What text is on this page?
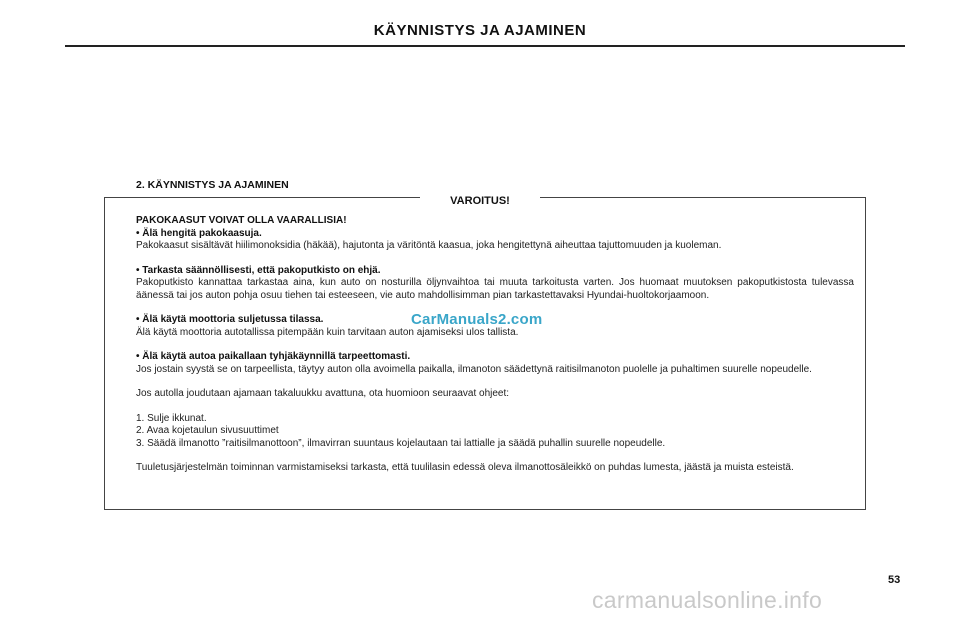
KÄYNNISTYS JA AJAMINEN
2. KÄYNNISTYS JA AJAMINEN
VAROITUS!

PAKOKAASUT VOIVAT OLLA VAARALLISIA!

• Älä hengitä pakokaasuja.

Pakokaasut sisältävät hiilimonoksidia (häkää), hajutonta ja väritöntä kaasua, joka hengitettynä aiheuttaa tajuttomuuden ja kuoleman.

• Tarkasta säännöllisesti, että pakoputkisto on ehjä.

Pakoputkisto kannattaa tarkastaa aina, kun auto on nosturilla öljynvaihtoa tai muuta tarkoitusta varten. Jos huomaat muutoksen pakoputkistosta tulevassa äänessä tai jos auton pohja osuu tiehen tai esteeseen, vie auto mahdollisimman pian tarkastettavaksi Hyundai-huoltokorjaamoon.

• Älä käytä moottoria suljetussa tilassa.

Älä käytä moottoria autotallissa pitempään kuin tarvitaan auton ajamiseksi ulos tallista.

• Älä käytä autoa paikallaan tyhjäkäynnillä tarpeettomasti.

Jos jostain syystä se on tarpeellista, täytyy auton olla avoimella paikalla, ilmanoton säädettynä raitisilmanoton puolelle ja puhaltimen suurelle nopeudelle.

Jos autolla joudutaan ajamaan takaluukku avattuna, ota huomioon seuraavat ohjeet:

1. Sulje ikkunat.

2. Avaa kojetaulun sivusuuttimet

3. Säädä ilmanotto ”raitisilmanottoon”, ilmavirran suuntaus kojelautaan tai lattialle ja säädä puhallin suurelle nopeudelle.

Tuuletusjärjestelmän toiminnan varmistamiseksi tarkasta, että tuulilasin edessä oleva ilmanottosäleikkö on puhdas lumesta, jäästä ja muista esteistä.

CarManuals2.com
53
carmanualsonline.info
